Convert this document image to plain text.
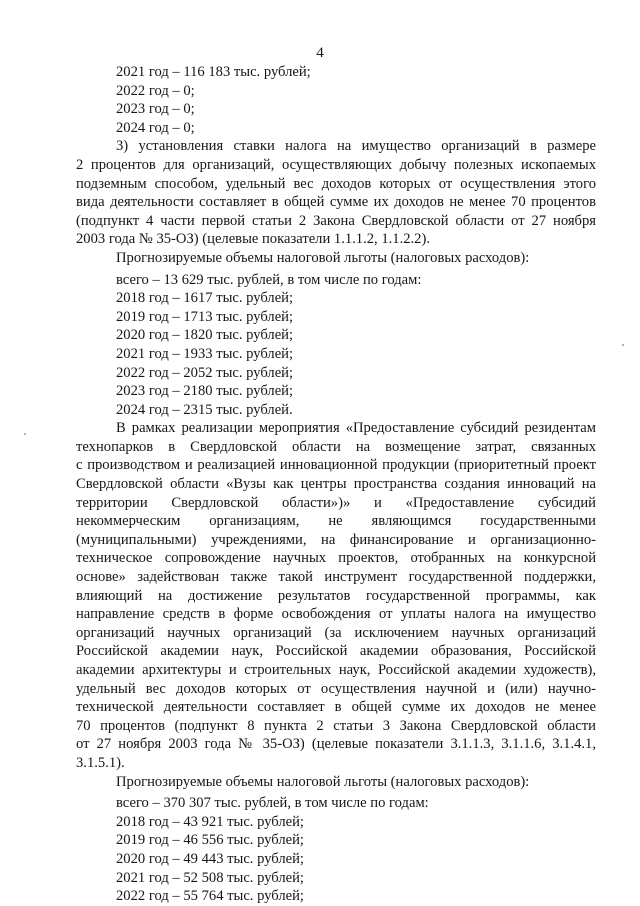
4
2021 год – 116 183 тыс. рублей;
2022 год – 0;
2023 год – 0;
2024 год – 0;
3) установления ставки налога на имущество организаций в размере
2 процентов для организаций, осуществляющих добычу полезных ископаемых
подземным способом, удельный вес доходов которых от осуществления этого
вида деятельности составляет в общей сумме их доходов не менее 70 процентов
(подпункт 4 части первой статьи 2 Закона Свердловской области от 27 ноября
2003 года № 35-ОЗ) (целевые показатели 1.1.1.2, 1.1.2.2).
Прогнозируемые объемы налоговой льготы (налоговых расходов):
всего – 13 629 тыс. рублей, в том числе по годам:
2018 год – 1617 тыс. рублей;
2019 год – 1713 тыс. рублей;
2020 год – 1820 тыс. рублей;
2021 год – 1933 тыс. рублей;
2022 год – 2052 тыс. рублей;
2023 год – 2180 тыс. рублей;
2024 год – 2315 тыс. рублей.
В рамках реализации мероприятия «Предоставление субсидий резидентам
технопарков в Свердловской области на возмещение затрат, связанных
с производством и реализацией инновационной продукции (приоритетный проект
Свердловской области «Вузы как центры пространства создания инноваций на
территории Свердловской области»)» и «Предоставление субсидий
некоммерческим организациям, не являющимся государственными
(муниципальными) учреждениями, на финансирование и организационно-
техническое сопровождение научных проектов, отобранных на конкурсной
основе» задействован также такой инструмент государственной поддержки,
влияющий на достижение результатов государственной программы, как
направление средств в форме освобождения от уплаты налога на имущество
организаций научных организаций (за исключением научных организаций
Российской академии наук, Российской академии образования, Российской
академии архитектуры и строительных наук, Российской академии художеств),
удельный вес доходов которых от осуществления научной и (или) научно-
технической деятельности составляет в общей сумме их доходов не менее
70 процентов (подпункт 8 пункта 2 статьи 3 Закона Свердловской области
от 27 ноября 2003 года № 35-ОЗ) (целевые показатели 3.1.1.3, 3.1.1.6, 3.1.4.1,
3.1.5.1).
Прогнозируемые объемы налоговой льготы (налоговых расходов):
всего – 370 307 тыс. рублей, в том числе по годам:
2018 год – 43 921 тыс. рублей;
2019 год – 46 556 тыс. рублей;
2020 год – 49 443 тыс. рублей;
2021 год – 52 508 тыс. рублей;
2022 год – 55 764 тыс. рублей;
